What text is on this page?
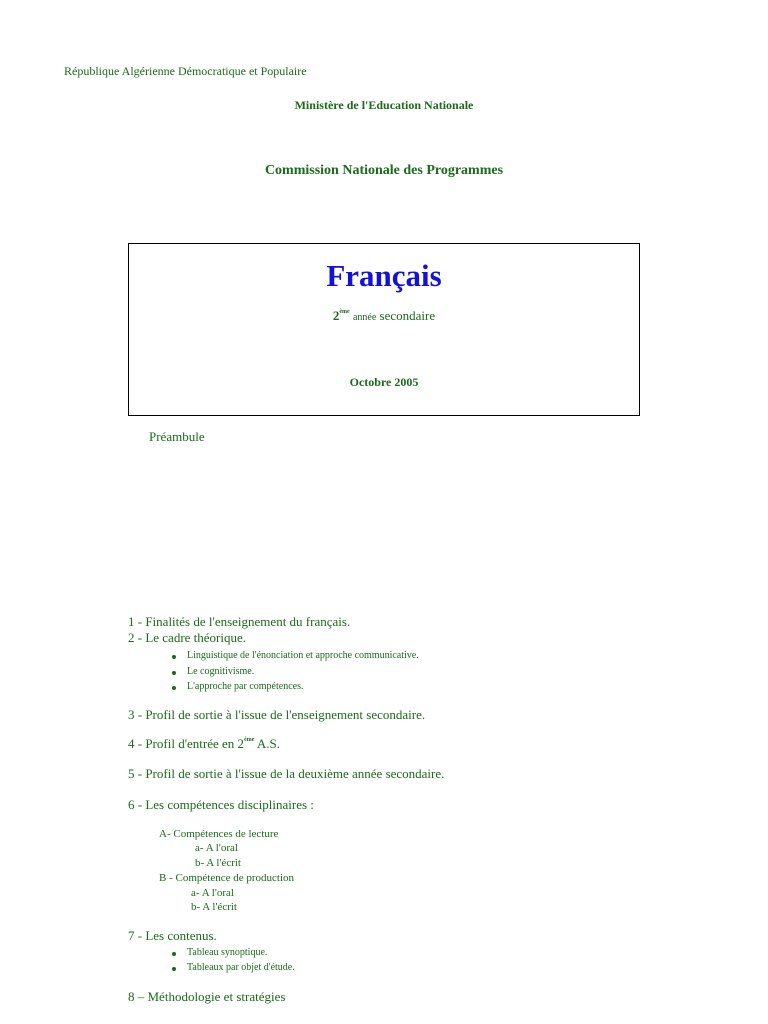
République Algérienne Démocratique et Populaire
Ministère de l'Education Nationale
Commission Nationale des Programmes
Français
2ème année secondaire
Octobre 2005
Préambule
1 - Finalités de l'enseignement du français.
2 - Le cadre théorique.
Linguistique de l'énonciation et approche communicative.
Le cognitivisme.
L'approche par compétences.
3 - Profil de sortie à l'issue de l'enseignement secondaire.
4 - Profil d'entrée en 2ème A.S.
5 - Profil de sortie à l'issue de la deuxième année secondaire.
6 - Les compétences disciplinaires :
A- Compétences de lecture
a- A l'oral
b- A l'écrit
B - Compétence de production
a- A l'oral
b- A l'écrit
7 - Les contenus.
Tableau synoptique.
Tableaux par objet d'étude.
8 – Méthodologie et stratégies
